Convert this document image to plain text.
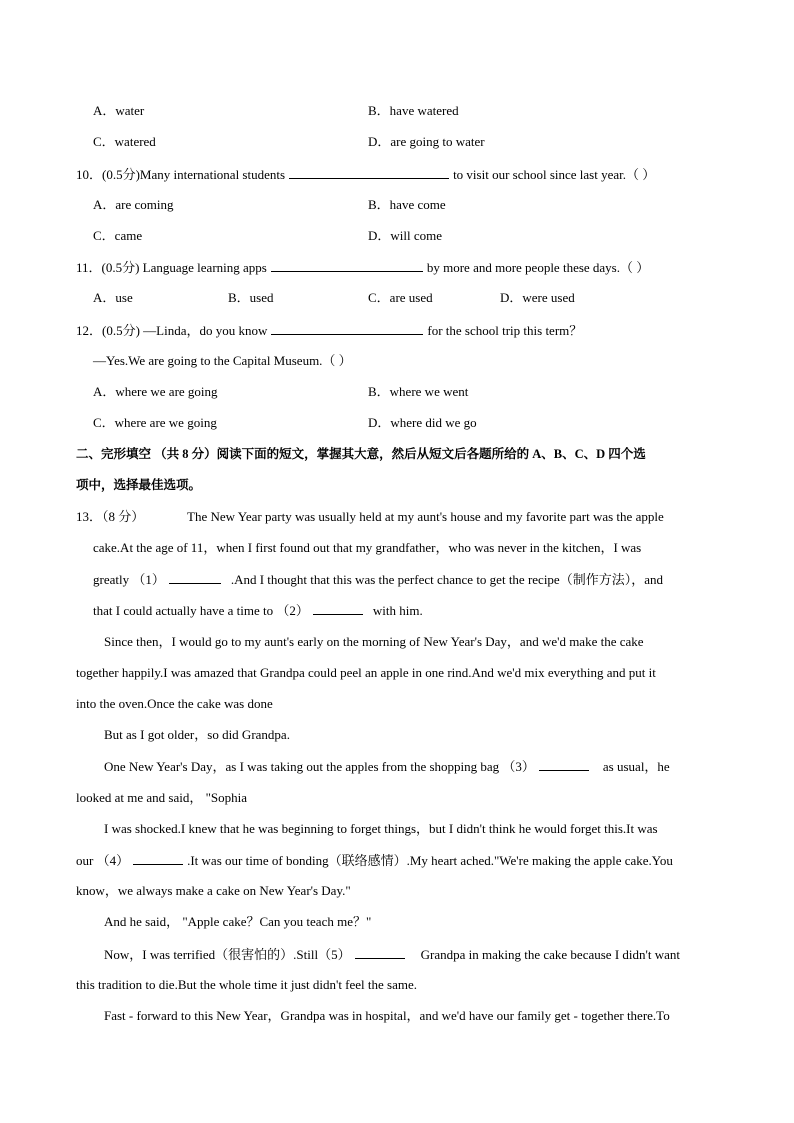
A．water	B．have watered
C．watered	D．are going to water
10．(0.5分)Many international students	to visit our school since last year.（ ）
A．are coming	B．have come
C．came	D．will come
11．(0.5分) Language learning apps	by more and more people these days.（ ）
A．use	B．used	C．are used	D．were used
12．(0.5分) —Linda，do you know	for the school trip this term？
—Yes.We are going to the Capital Museum.（ ）
A．where we are going	B．where we went
C．where are we going	D．where did we go
二、完形填空 （共 8 分）阅读下面的短文，掌握其大意，然后从短文后各题所给的 A、B、C、D 四个选
项中，选择最佳选项。
13．（8 分）	The New Year party was usually held at my aunt's house and my favorite part was the apple
cake.At the age of 11，when I first found out that my grandfather，who was never in the kitchen，I was
greatly （1）	.And I thought that this was the perfect chance to get the recipe（制作方法），and
that I could actually have a time to （2）	with him.
Since then，I would go to my aunt's early on the morning of New Year's Day，and we'd make the cake
together happily.I was amazed that Grandpa could peel an apple in one rind.And we'd mix everything and put it
into the oven.Once the cake was done
But as I got older，so did Grandpa.
One New Year's Day，as I was taking out the apples from the shopping bag （3）	as usual，he
looked at me and said， "Sophia
I was shocked.I knew that he was beginning to forget things，but I didn't think he would forget this.It was
our （4）	.It was our time of bonding（联络感情）.My heart ached."We're making the apple cake.You
know，we always make a cake on New Year's Day."
And he said， "Apple cake？Can you teach me？"
Now，I was terrified（很害怕的）.Still（5）	Grandpa in making the cake because I didn't want
this tradition to die.But the whole time it just didn't feel the same.
Fast - forward to this New Year，Grandpa was in hospital，and we'd have our family get - together there.To
